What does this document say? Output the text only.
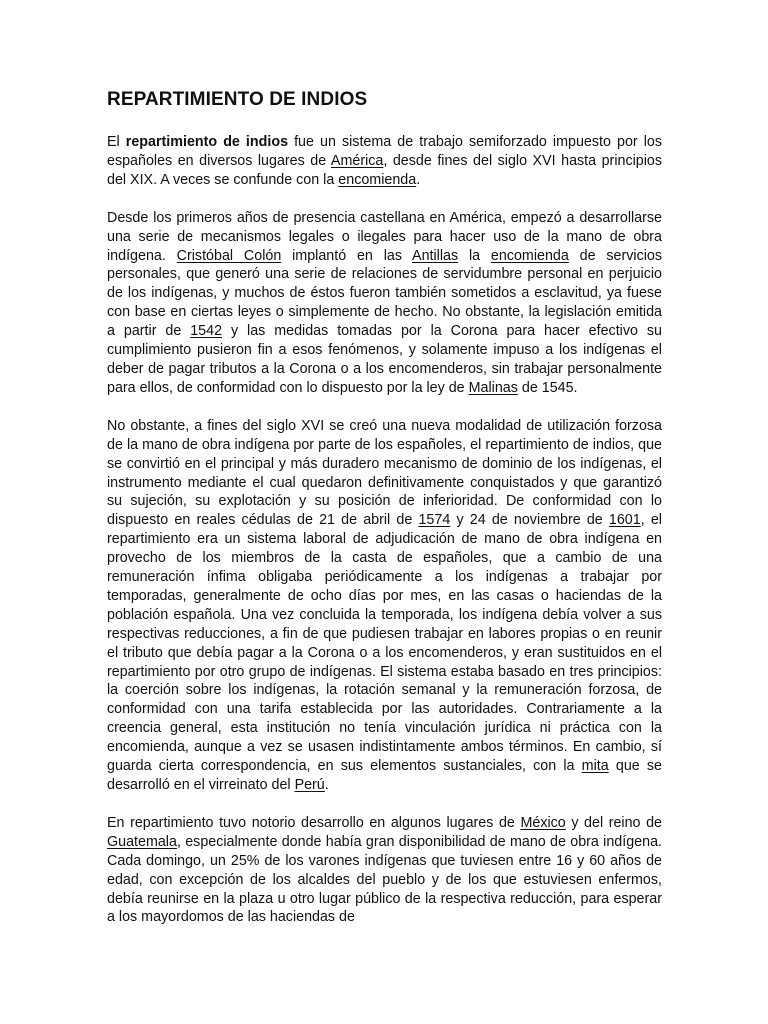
REPARTIMIENTO DE INDIOS

El repartimiento de indios fue un sistema de trabajo semiforzado impuesto por los españoles en diversos lugares de América, desde fines del siglo XVI hasta principios del XIX. A veces se confunde con la encomienda.

Desde los primeros años de presencia castellana en América, empezó a desarrollarse una serie de mecanismos legales o ilegales para hacer uso de la mano de obra indígena. Cristóbal Colón implantó en las Antillas la encomienda de servicios personales, que generó una serie de relaciones de servidumbre personal en perjuicio de los indígenas, y muchos de éstos fueron también sometidos a esclavitud, ya fuese con base en ciertas leyes o simplemente de hecho. No obstante, la legislación emitida a partir de 1542 y las medidas tomadas por la Corona para hacer efectivo su cumplimiento pusieron fin a esos fenómenos, y solamente impuso a los indígenas el deber de pagar tributos a la Corona o a los encomenderos, sin trabajar personalmente para ellos, de conformidad con lo dispuesto por la ley de Malinas de 1545.

No obstante, a fines del siglo XVI se creó una nueva modalidad de utilización forzosa de la mano de obra indígena por parte de los españoles, el repartimiento de indios, que se convirtió en el principal y más duradero mecanismo de dominio de los indígenas, el instrumento mediante el cual quedaron definitivamente conquistados y que garantizó su sujeción, su explotación y su posición de inferioridad. De conformidad con lo dispuesto en reales cédulas de 21 de abril de 1574 y 24 de noviembre de 1601, el repartimiento era un sistema laboral de adjudicación de mano de obra indígena en provecho de los miembros de la casta de españoles, que a cambio de una remuneración ínfima obligaba periódicamente a los indígenas a trabajar por temporadas, generalmente de ocho días por mes, en las casas o haciendas de la población española. Una vez concluida la temporada, los indígena debía volver a sus respectivas reducciones, a fin de que pudiesen trabajar en labores propias o en reunir el tributo que debía pagar a la Corona o a los encomenderos, y eran sustituidos en el repartimiento por otro grupo de indígenas. El sistema estaba basado en tres principios: la coerción sobre los indígenas, la rotación semanal y la remuneración forzosa, de conformidad con una tarifa establecida por las autoridades. Contrariamente a la creencia general, esta institución no tenía vinculación jurídica ni práctica con la encomienda, aunque a vez se usasen indistintamente ambos términos. En cambio, sí guarda cierta correspondencia, en sus elementos sustanciales, con la mita que se desarrolló en el virreinato del Perú.

En repartimiento tuvo notorio desarrollo en algunos lugares de México y del reino de Guatemala, especialmente donde había gran disponibilidad de mano de obra indígena. Cada domingo, un 25% de los varones indígenas que tuviesen entre 16 y 60 años de edad, con excepción de los alcaldes del pueblo y de los que estuviesen enfermos, debía reunirse en la plaza u otro lugar público de la respectiva reducción, para esperar a los mayordomos de las haciendas de
